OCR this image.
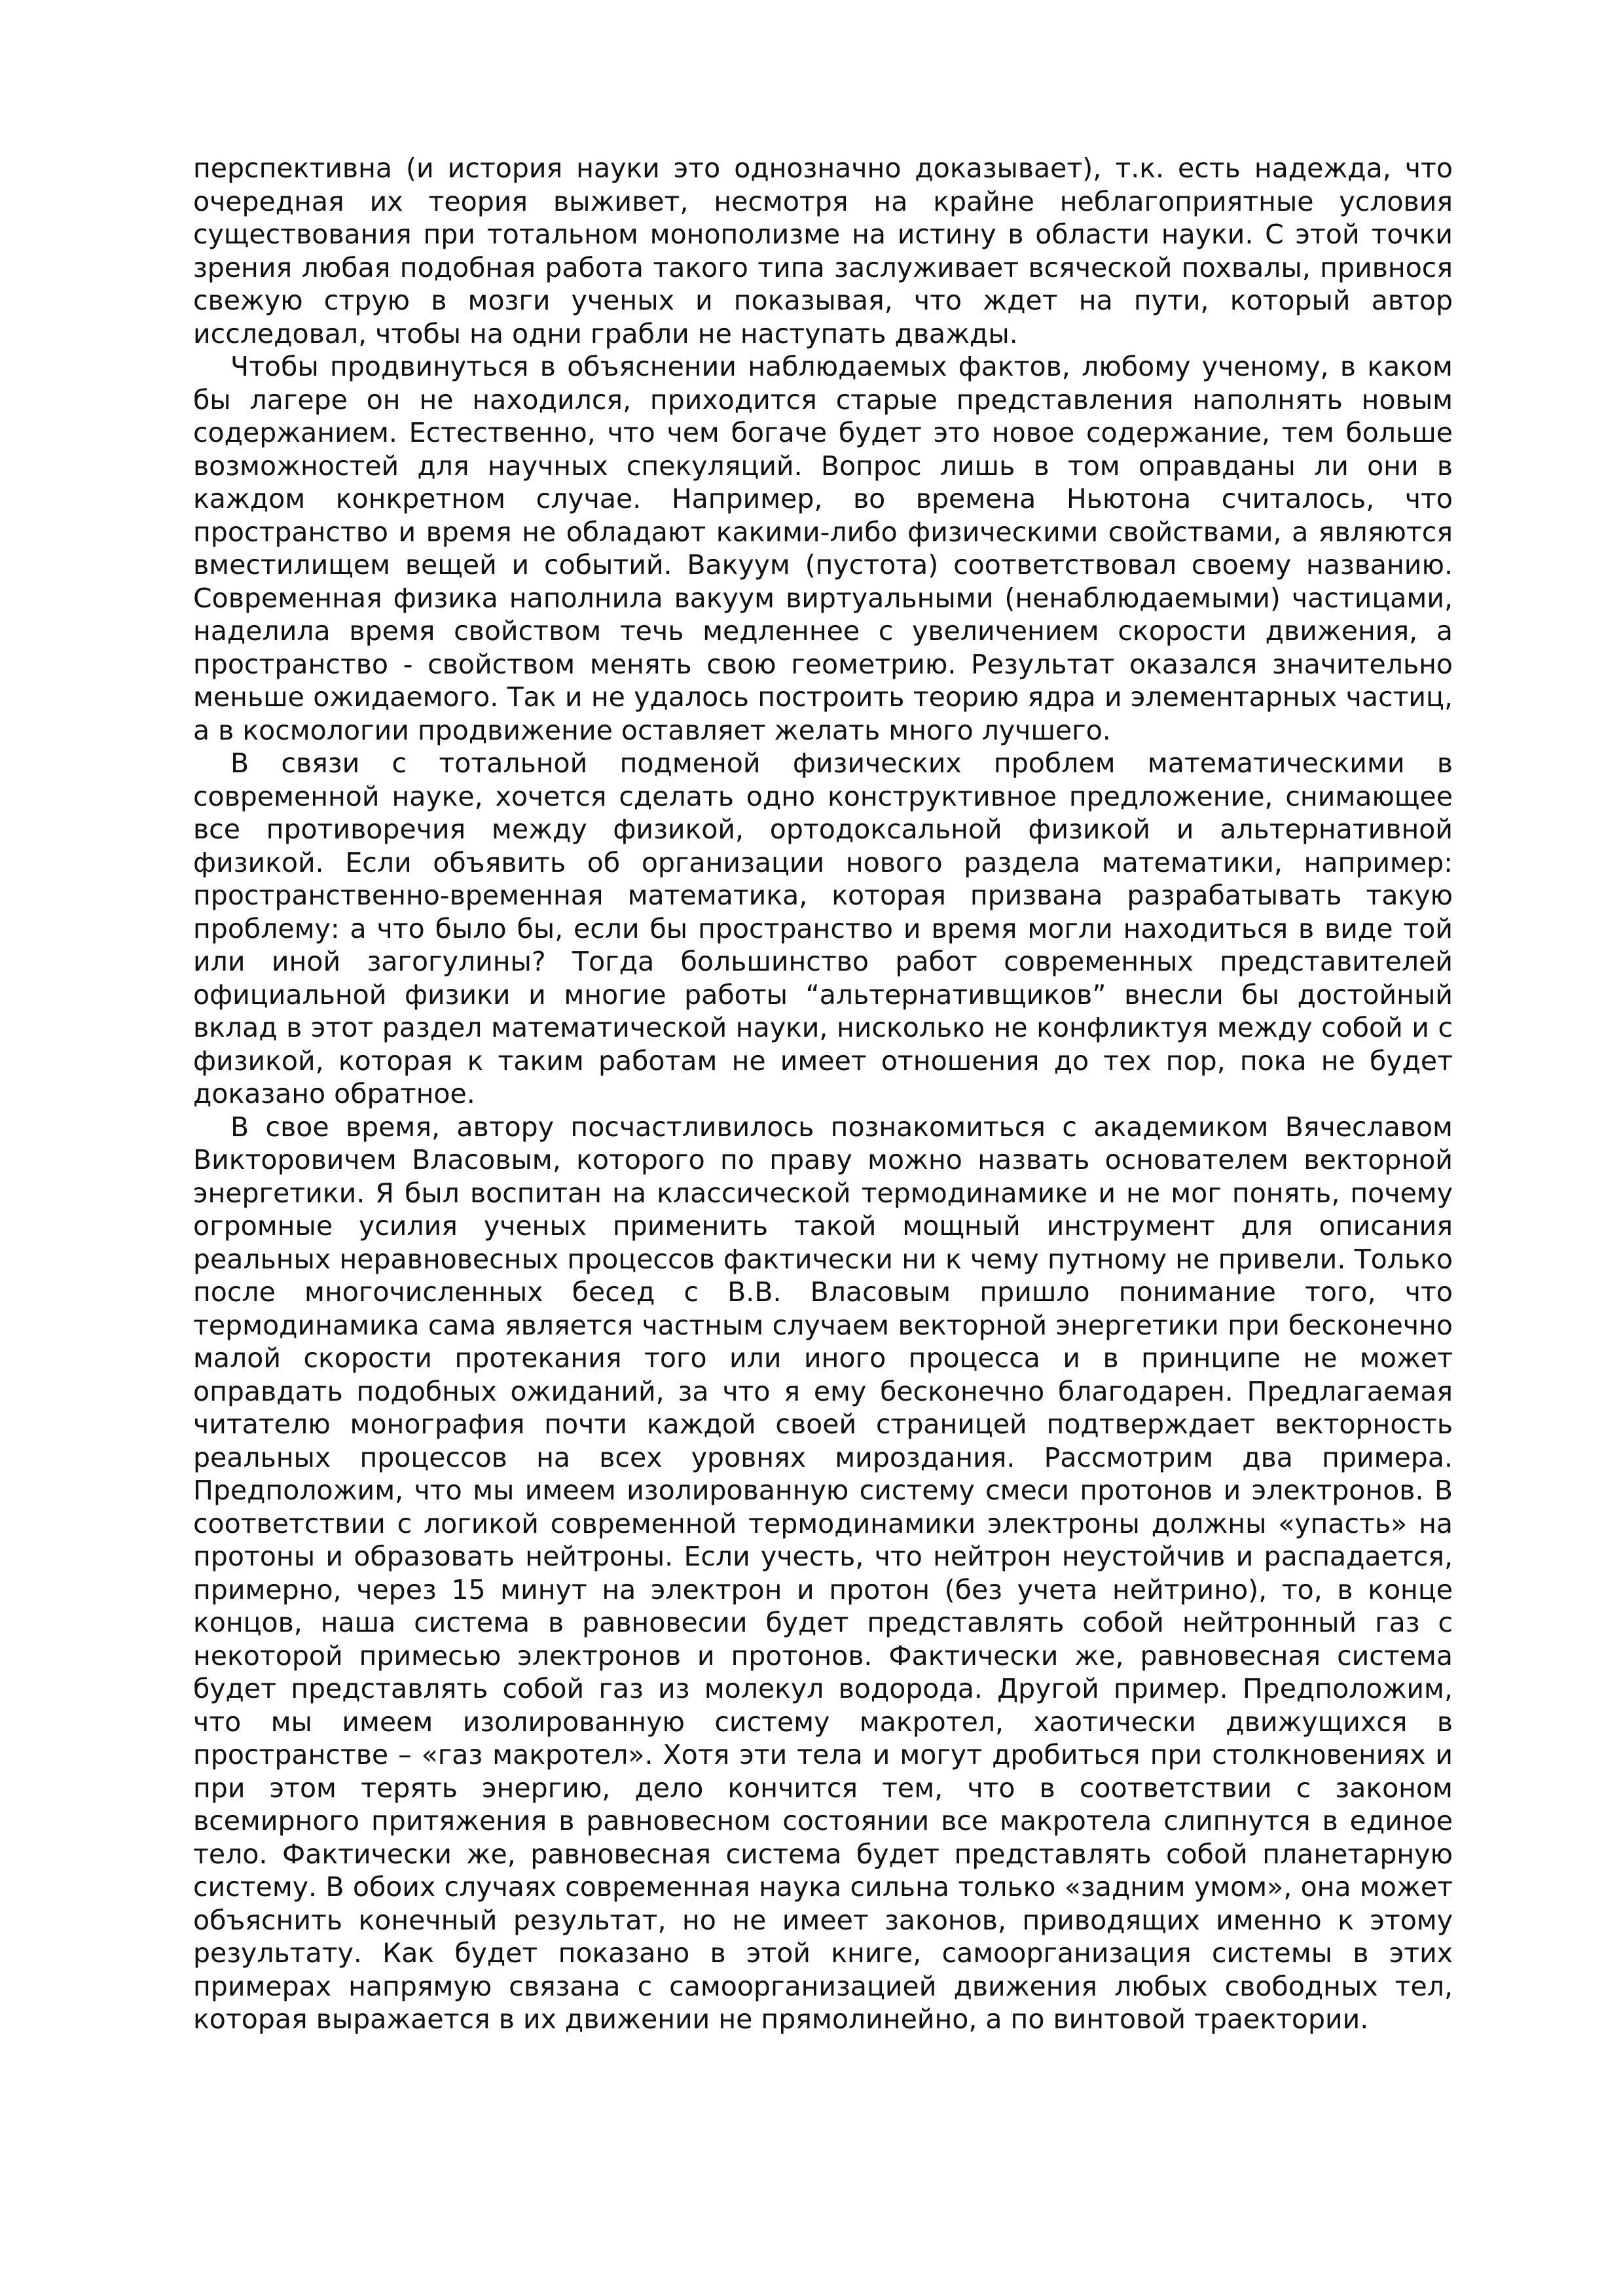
перспективна (и история науки это однозначно доказывает), т.к. есть надежда, что очередная их теория выживет, несмотря на крайне неблагоприятные условия существования при тотальном монополизме на истину в области науки. С этой точки зрения любая подобная работа такого типа заслуживает всяческой похвалы, привнося свежую струю в мозги ученых и показывая, что ждет на пути, который автор исследовал, чтобы на одни грабли не наступать дважды.

Чтобы продвинуться в объяснении наблюдаемых фактов, любому ученому, в каком бы лагере он не находился, приходится старые представления наполнять новым содержанием. Естественно, что чем богаче будет это новое содержание, тем больше возможностей для научных спекуляций. Вопрос лишь в том оправданы ли они в каждом конкретном случае. Например, во времена Ньютона считалось, что пространство и время не обладают какими-либо физическими свойствами, а являются вместилищем вещей и событий. Вакуум (пустота) соответствовал своему названию. Современная физика наполнила вакуум виртуальными (ненаблюдаемыми) частицами, наделила время свойством течь медленнее с увеличением скорости движения, а пространство - свойством менять свою геометрию. Результат оказался значительно меньше ожидаемого. Так и не удалось построить теорию ядра и элементарных частиц, а в космологии продвижение оставляет желать много лучшего.

В связи с тотальной подменой физических проблем математическими в современной науке, хочется сделать одно конструктивное предложение, снимающее все противоречия между физикой, ортодоксальной физикой и альтернативной физикой. Если объявить об организации нового раздела математики, например: пространственно-временная математика, которая призвана разрабатывать такую проблему: а что было бы, если бы пространство и время могли находиться в виде той или иной загогулины? Тогда большинство работ современных представителей официальной физики и многие работы “альтернативщиков” внесли бы достойный вклад в этот раздел математической науки, нисколько не конфликтуя между собой и с физикой, которая к таким работам не имеет отношения до тех пор, пока не будет доказано обратное.

В свое время, автору посчастливилось познакомиться с академиком Вячеславом Викторовичем Власовым, которого по праву можно назвать основателем векторной энергетики. Я был воспитан на классической термодинамике и не мог понять, почему огромные усилия ученых применить такой мощный инструмент для описания реальных неравновесных процессов фактически ни к чему путному не привели. Только после многочисленных бесед с В.В. Власовым пришло понимание того, что термодинамика сама является частным случаем векторной энергетики при бесконечно малой скорости протекания того или иного процесса и в принципе не может оправдать подобных ожиданий, за что я ему бесконечно благодарен. Предлагаемая читателю монография почти каждой своей страницей подтверждает векторность реальных процессов на всех уровнях мироздания. Рассмотрим два примера. Предположим, что мы имеем изолированную систему смеси протонов и электронов. В соответствии с логикой современной термодинамики электроны должны «упасть» на протоны и образовать нейтроны. Если учесть, что нейтрон неустойчив и распадается, примерно, через 15 минут на электрон и протон (без учета нейтрино), то, в конце концов, наша система в равновесии будет представлять собой нейтронный газ с некоторой примесью электронов и протонов. Фактически же, равновесная система будет представлять собой газ из молекул водорода. Другой пример. Предположим, что мы имеем изолированную систему макротел, хаотически движущихся в пространстве – «газ макротел». Хотя эти тела и могут дробиться при столкновениях и при этом терять энергию, дело кончится тем, что в соответствии с законом всемирного притяжения в равновесном состоянии все макротела слипнутся в единое тело. Фактически же, равновесная система будет представлять собой планетарную систему. В обоих случаях современная наука сильна только «задним умом», она может объяснить конечный результат, но не имеет законов, приводящих именно к этому результату. Как будет показано в этой книге, самоорганизация системы в этих примерах напрямую связана с самоорганизацией движения любых свободных тел, которая выражается в их движении не прямолинейно, а по винтовой траектории.
